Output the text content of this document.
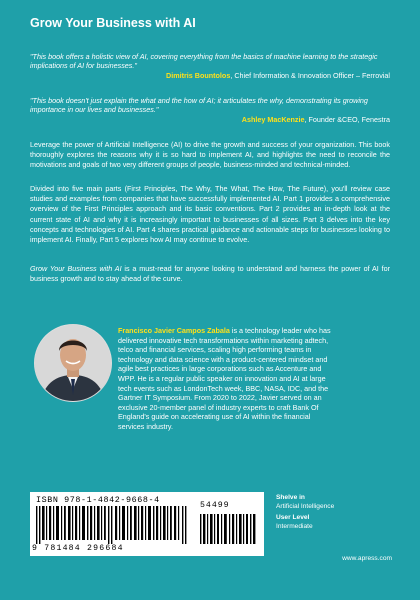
Grow Your Business with AI
"This book offers a holistic view of AI, covering everything from the basics of machine learning to the strategic implications of AI for businesses."
Dimitris Bountolos, Chief Information & Innovation Officer – Ferrovial
"This book doesn't just explain the what and the how of AI; it articulates the why, demonstrating its growing importance in our lives and businesses."
Ashley MacKenzie, Founder &CEO, Fenestra
Leverage the power of Artificial Intelligence (AI) to drive the growth and success of your organization. This book thoroughly explores the reasons why it is so hard to implement AI, and highlights the need to reconcile the motivations and goals of two very different groups of people, business-minded and technical-minded.
Divided into five main parts (First Principles, The Why, The What, The How, The Future), you'll review case studies and examples from companies that have successfully implemented AI. Part 1 provides a comprehensive overview of the First Principles approach and its basic conventions. Part 2 provides an in-depth look at the current state of AI and why it is increasingly important to businesses of all sizes. Part 3 delves into the key concepts and technologies of AI. Part 4 shares practical guidance and actionable steps for businesses looking to implement AI. Finally, Part 5 explores how AI may continue to evolve.
Grow Your Business with AI is a must-read for anyone looking to understand and harness the power of AI for business growth and to stay ahead of the curve.
Francisco Javier Campos Zabala is a technology leader who has delivered innovative tech transformations within marketing adtech, telco and financial services, scaling high performing teams in technology and data science with a product-centered mindset and agile best practices in large corporations such as Accenture and WPP. He is a regular public speaker on innovation and AI at large tech events such as LondonTech week, BBC, NASA, IDC, and the Gartner IT Symposium. From 2020 to 2022, Javier served on an exclusive 20-member panel of industry experts to craft Bank Of England's guide on accelerating use of AI within the financial services industry.
ISBN 978-1-4842-9668-4
54499
9 781484 296684
Shelve in
Artificial Intelligence
User Level
Intermediate
www.apress.com
